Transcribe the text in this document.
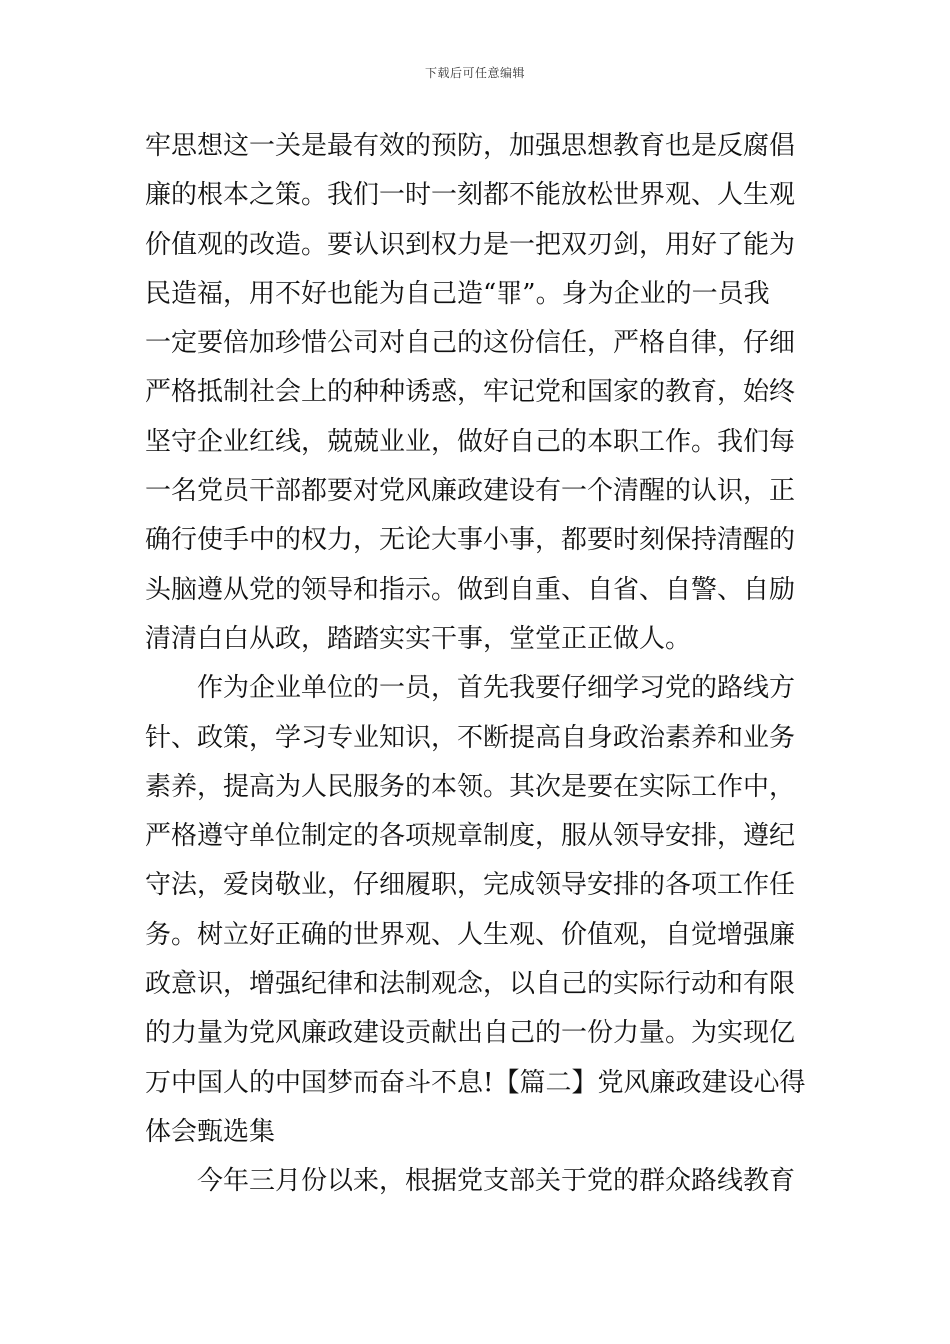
下载后可任意编辑
牢思想这一关是最有效的预防，加强思想教育也是反腐倡
廉的根本之策。我们一时一刻都不能放松世界观、人生观
价值观的改造。要认识到权力是一把双刃剑，用好了能为
民造福，用不好也能为自己造“罪”。身为企业的一员我
一定要倍加珍惜公司对自己的这份信任，严格自律，仔细
严格抵制社会上的种种诱惑，牢记党和国家的教育，始终
坚守企业红线，兢兢业业，做好自己的本职工作。我们每
一名党员干部都要对党风廉政建设有一个清醒的认识，正
确行使手中的权力，无论大事小事，都要时刻保持清醒的
头脑遵从党的领导和指示。做到自重、自省、自警、自励
清清白白从政，踏踏实实干事，堂堂正正做人。
作为企业单位的一员，首先我要仔细学习党的路线方
针、政策，学习专业知识，不断提高自身政治素养和业务
素养，提高为人民服务的本领。其次是要在实际工作中，
严格遵守单位制定的各项规章制度，服从领导安排，遵纪
守法，爱岗敬业，仔细履职，完成领导安排的各项工作任
务。树立好正确的世界观、人生观、价值观，自觉增强廉
政意识，增强纪律和法制观念，以自己的实际行动和有限
的力量为党风廉政建设贡献出自己的一份力量。为实现亿
万中国人的中国梦而奋斗不息!【篇二】党风廉政建设心得
体会甄选集
今年三月份以来，根据党支部关于党的群众路线教育
